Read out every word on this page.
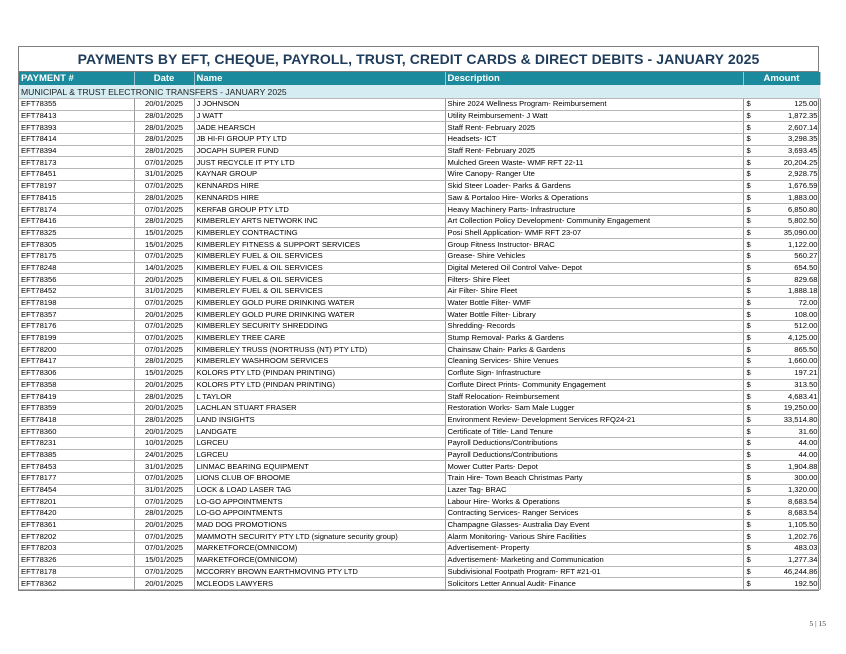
PAYMENTS BY EFT, CHEQUE, PAYROLL, TRUST, CREDIT CARDS & DIRECT DEBITS - JANUARY 2025
PAYMENT #	Date	Name	Description	Amount
MUNICIPAL & TRUST ELECTRONIC TRANSFERS - JANUARY 2025				
EFT78355	20/01/2025	J JOHNSON	Shire 2024 Wellness Program- Reimbursement	$ 125.00

EFT78413	28/01/2025	J WATT	Utility Reimbursement- J Watt	$ 1,872.35

EFT78393	28/01/2025	JADE HEARSCH	Staff Rent- February 2025	$ 2,607.14

EFT78414	28/01/2025	JB HI-FI GROUP PTY LTD	Headsets- ICT	$ 3,298.35

EFT78394	28/01/2025	JOCAPH SUPER FUND	Staff Rent- February 2025	$ 3,693.45

EFT78173	07/01/2025	JUST RECYCLE IT PTY LTD	Mulched Green Waste- WMF RFT 22-11	$ 20,204.25

EFT78451	31/01/2025	KAYNAR GROUP	Wire Canopy- Ranger Ute	$ 2,928.75

EFT78197	07/01/2025	KENNARDS HIRE	Skid Steer Loader- Parks & Gardens	$ 1,676.59

EFT78415	28/01/2025	KENNARDS HIRE	Saw & Portaloo Hire- Works & Operations	$ 1,883.00

EFT78174	07/01/2025	KERFAB GROUP PTY LTD	Heavy Machinery Parts- Infrastructure	$ 6,850.80

EFT78416	28/01/2025	KIMBERLEY ARTS NETWORK INC	Art Collection Policy Development- Community Engagement	$ 5,802.50

EFT78325	15/01/2025	KIMBERLEY CONTRACTING	Posi Shell Application- WMF RFT 23-07	$ 35,090.00

EFT78305	15/01/2025	KIMBERLEY FITNESS & SUPPORT SERVICES	Group Fitness Instructor- BRAC	$ 1,122.00

EFT78175	07/01/2025	KIMBERLEY FUEL & OIL SERVICES	Grease- Shire Vehicles	$ 560.27

EFT78248	14/01/2025	KIMBERLEY FUEL & OIL SERVICES	Digital Metered Oil Control Valve- Depot	$ 654.50

EFT78356	20/01/2025	KIMBERLEY FUEL & OIL SERVICES	Filters- Shire Fleet	$ 829.68

EFT78452	31/01/2025	KIMBERLEY FUEL & OIL SERVICES	Air Filter- Shire Fleet	$ 1,888.18

EFT78198	07/01/2025	KIMBERLEY GOLD PURE DRINKING WATER	Water Bottle Filter- WMF	$ 72.00

EFT78357	20/01/2025	KIMBERLEY GOLD PURE DRINKING WATER	Water Bottle Filter- Library	$ 108.00

EFT78176	07/01/2025	KIMBERLEY SECURITY SHREDDING	Shredding- Records	$ 512.00

EFT78199	07/01/2025	KIMBERLEY TREE CARE	Stump Removal- Parks & Gardens	$ 4,125.00

EFT78200	07/01/2025	KIMBERLEY TRUSS (NORTRUSS (NT) PTY LTD)	Chainsaw Chain- Parks & Gardens	$ 865.50

EFT78417	28/01/2025	KIMBERLEY WASHROOM SERVICES	Cleaning Services- Shire Venues	$ 1,660.00

EFT78306	15/01/2025	KOLORS PTY LTD (PINDAN PRINTING)	Corflute Sign- Infrastructure	$ 197.21

EFT78358	20/01/2025	KOLORS PTY LTD (PINDAN PRINTING)	Corflute Direct Prints- Community Engagement	$ 313.50

EFT78419	28/01/2025	L TAYLOR	Staff Relocation- Reimbursement	$ 4,683.41

EFT78359	20/01/2025	LACHLAN STUART FRASER	Restoration Works- Sam Male Lugger	$ 19,250.00

EFT78418	28/01/2025	LAND INSIGHTS	Environment Review- Development Services RFQ24-21	$ 33,514.80

EFT78360	20/01/2025	LANDGATE	Certificate of Title- Land Tenure	$ 31.60

EFT78231	10/01/2025	LGRCEU	Payroll Deductions/Contributions	$ 44.00

EFT78385	24/01/2025	LGRCEU	Payroll Deductions/Contributions	$ 44.00

EFT78453	31/01/2025	LINMAC BEARING EQUIPMENT	Mower Cutter Parts- Depot	$ 1,904.88

EFT78177	07/01/2025	LIONS CLUB OF BROOME	Train Hire- Town Beach Christmas Party	$ 300.00

EFT78454	31/01/2025	LOCK & LOAD LASER TAG	Lazer Tag- BRAC	$ 1,320.00

EFT78201	07/01/2025	LO-GO APPOINTMENTS	Labour Hire- Works & Operations	$ 8,683.54

EFT78420	28/01/2025	LO-GO APPOINTMENTS	Contracting Services- Ranger Services	$ 8,683.54

EFT78361	20/01/2025	MAD DOG PROMOTIONS	Champagne Glasses- Australia Day Event	$ 1,105.50

EFT78202	07/01/2025	MAMMOTH SECURITY PTY LTD (signature security group)	Alarm Monitoring- Various Shire Facilities	$ 1,202.76

EFT78203	07/01/2025	MARKETFORCE(OMNICOM)	Advertisement- Property	$ 483.03

EFT78326	15/01/2025	MARKETFORCE(OMNICOM)	Advertisement- Marketing and Communication	$ 1,277.34

EFT78178	07/01/2025	MCCORRY BROWN EARTHMOVING PTY LTD	Subdivisional Footpath Program- RFT #21-01	$ 46,244.86

EFT78362	20/01/2025	MCLEODS LAWYERS	Solicitors Letter Annual Audit- Finance	$ 192.50
5 | 15
